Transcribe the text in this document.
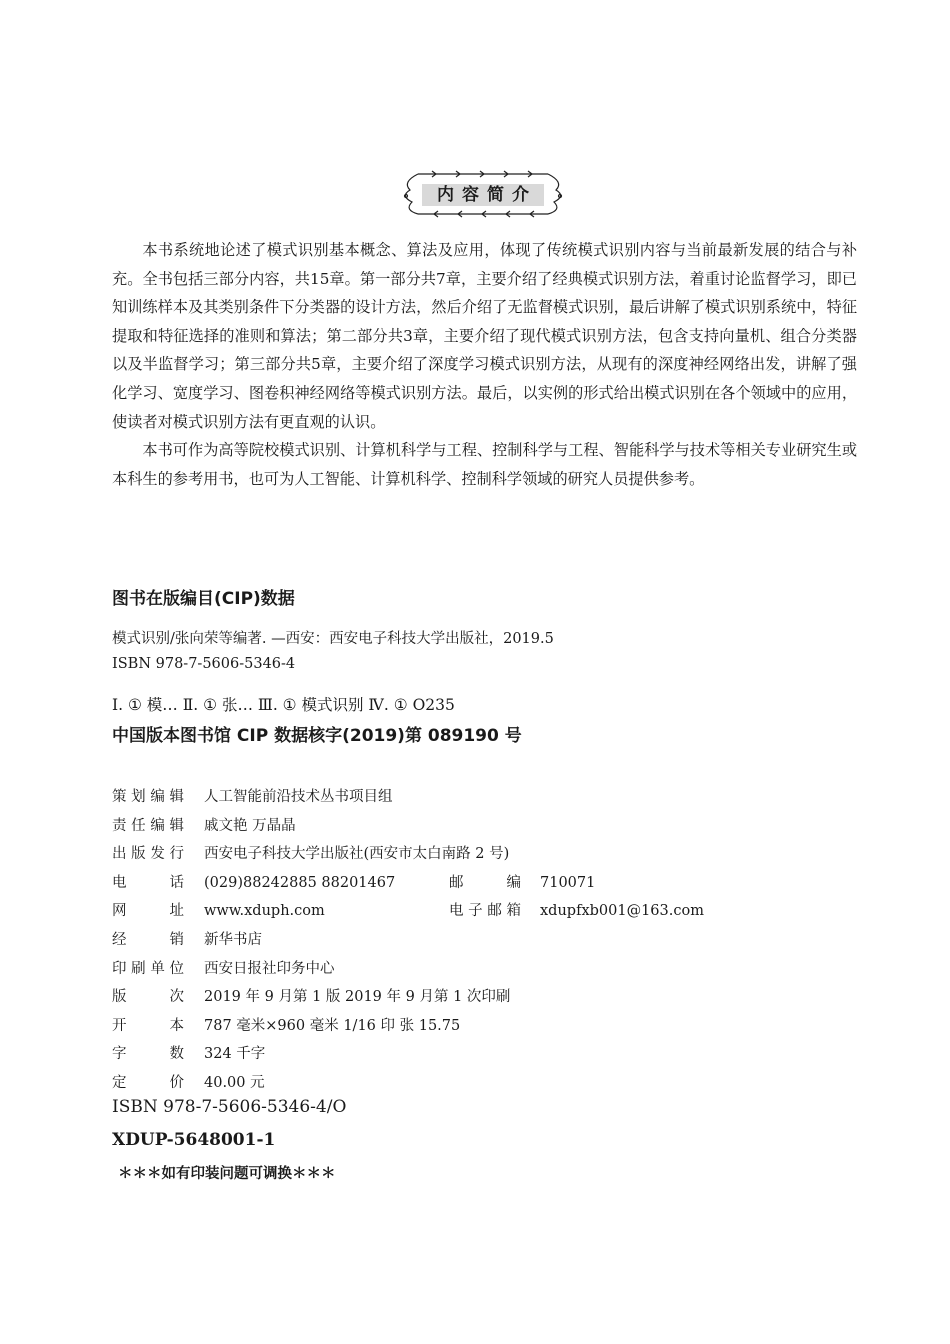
内容简介

本书系统地论述了模式识别基本概念、算法及应用，体现了传统模式识别内容与当前最新发展的结合与补充。全书包括三部分内容，共15章。第一部分共7章，主要介绍了经典模式识别方法，着重讨论监督学习，即已知训练样本及其类别条件下分类器的设计方法，然后介绍了无监督模式识别，最后讲解了模式识别系统中，特征提取和特征选择的准则和算法；第二部分共3章，主要介绍了现代模式识别方法，包含支持向量机、组合分类器以及半监督学习；第三部分共5章，主要介绍了深度学习模式识别方法，从现有的深度神经网络出发，讲解了强化学习、宽度学习、图卷积神经网络等模式识别方法。最后，以实例的形式给出模式识别在各个领域中的应用，使读者对模式识别方法有更直观的认识。

本书可作为高等院校模式识别、计算机科学与工程、控制科学与工程、智能科学与技术等相关专业研究生或本科生的参考用书，也可为人工智能、计算机科学、控制科学领域的研究人员提供参考。

图书在版编目(CIP)数据
模式识别/张向荣等编著. —西安：西安电子科技大学出版社，2019.5
ISBN 978-7-5606-5346-4
Ⅰ. ① 模… Ⅱ. ① 张… Ⅲ. ① 模式识别 Ⅳ. ① O235
中国版本图书馆 CIP 数据核字(2019)第 089190 号
策划编辑 人工智能前沿技术丛书项目组
责任编辑 戚文艳 万晶晶
出版发行 西安电子科技大学出版社(西安市太白南路 2 号)
电话 (029)88242885 88201467	邮编 710071
网址 www.xduph.com	电子邮箱 xdupfxb001@163.com
经销 新华书店
印刷单位 西安日报社印务中心
版次 2019 年 9 月第 1 版 2019 年 9 月第 1 次印刷
开本 787 毫米×960 毫米 1/16 印 张 15.75
字数 324 千字
定价 40.00 元
ISBN 978-7-5606-5346-4/O
XDUP-5648001-1
＊＊＊如有印装问题可调换＊＊＊
